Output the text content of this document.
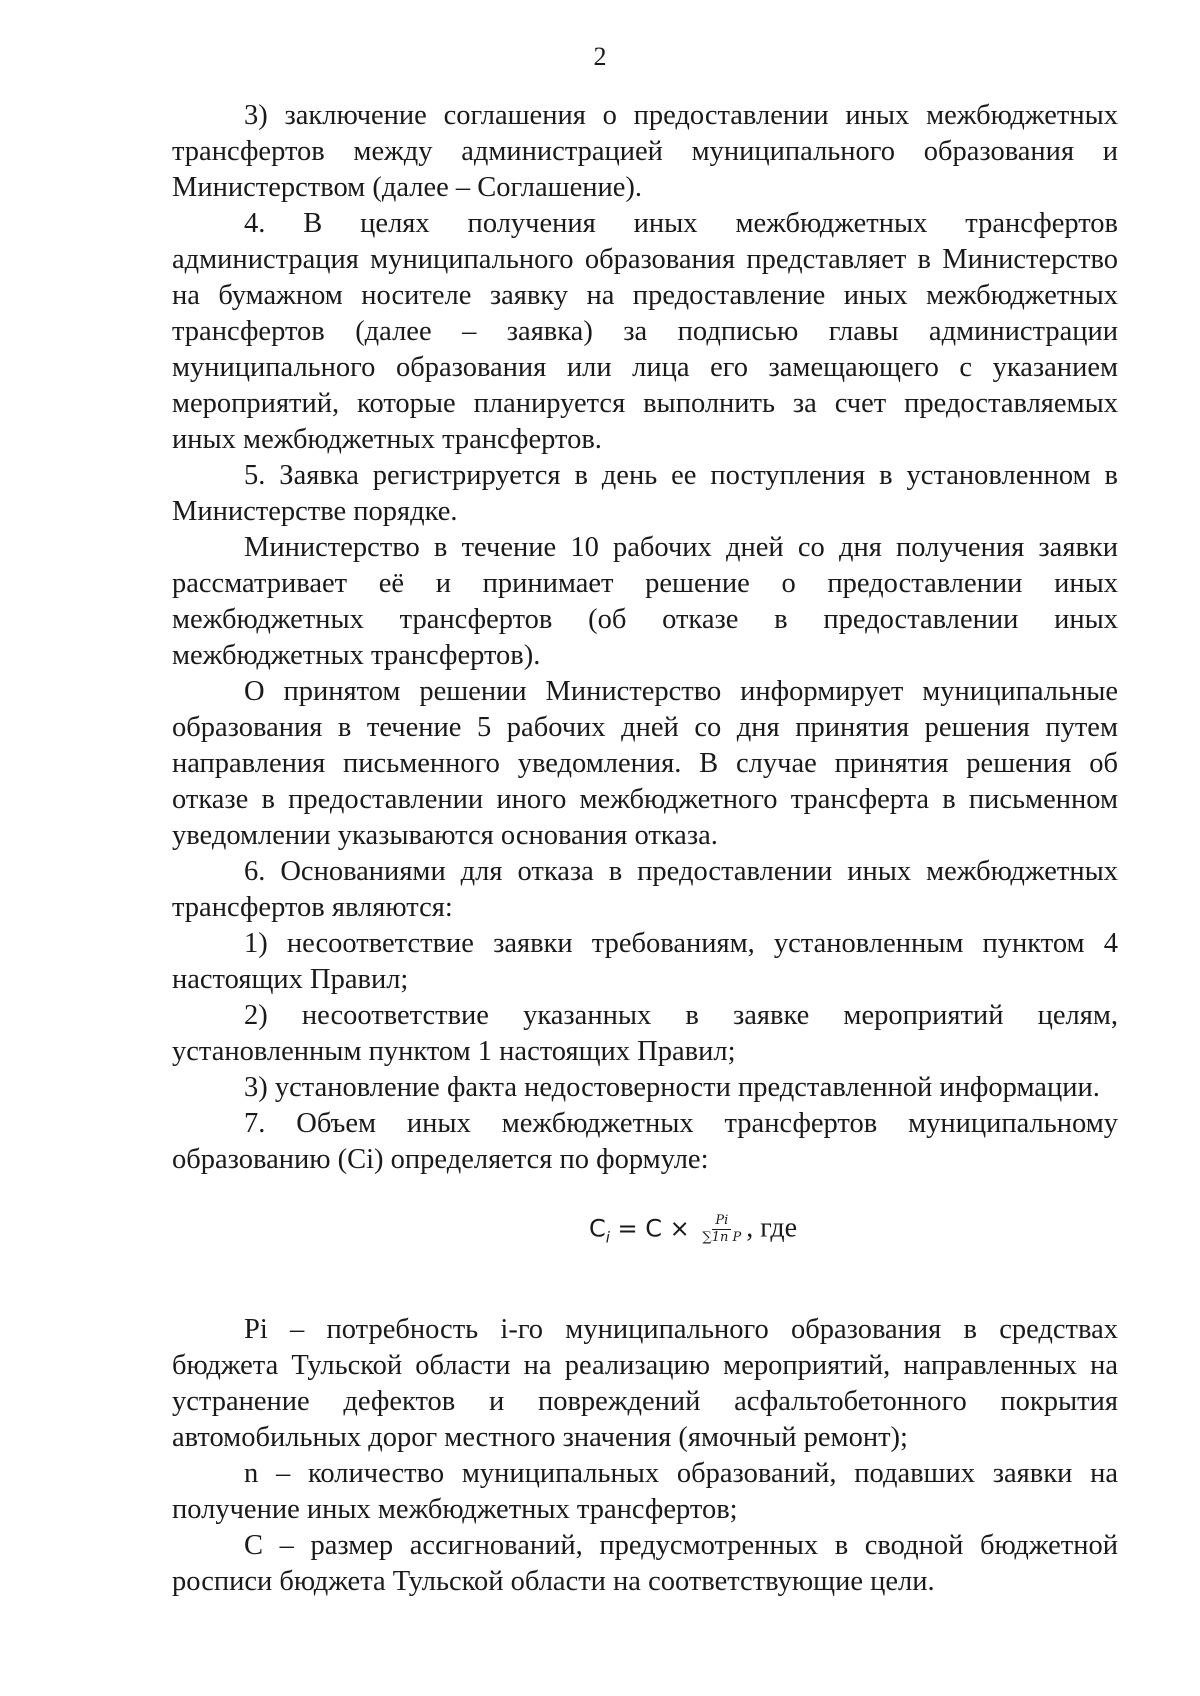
2

3) заключение соглашения о предоставлении иных межбюджетных трансфертов между администрацией муниципального образования и Министерством (далее – Соглашение).

4. В целях получения иных межбюджетных трансфертов администрация муниципального образования представляет в Министерство на бумажном носителе заявку на предоставление иных межбюджетных трансфертов (далее – заявка) за подписью главы администрации муниципального образования или лица его замещающего с указанием мероприятий, которые планируется выполнить за счет предоставляемых иных межбюджетных трансфертов.

5. Заявка регистрируется в день ее поступления в установленном в Министерстве порядке.

Министерство в течение 10 рабочих дней со дня получения заявки рассматривает её и принимает решение о предоставлении иных межбюджетных трансфертов (об отказе в предоставлении иных межбюджетных трансфертов).

О принятом решении Министерство информирует муниципальные образования в течение 5 рабочих дней со дня принятия решения путем направления письменного уведомления. В случае принятия решения об отказе в предоставлении иного межбюджетного трансферта в письменном уведомлении указываются основания отказа.

6. Основаниями для отказа в предоставлении иных межбюджетных трансфертов являются:

1) несоответствие заявки требованиям, установленным пунктом 4 настоящих Правил;

2) несоответствие указанных в заявке мероприятий целям, установленным пунктом 1 настоящих Правил;

3) установление факта недостоверности представленной информации.

7. Объем иных межбюджетных трансфертов муниципальному образованию (Ci) определяется по формуле:

$C_i = C \times \frac{Pi}{\text{∑1n P}}$ , где

Pi – потребность i-го муниципального образования в средствах бюджета Тульской области на реализацию мероприятий, направленных на устранение дефектов и повреждений асфальтобетонного покрытия автомобильных дорог местного значения (ямочный ремонт);

n – количество муниципальных образований, подавших заявки на получение иных межбюджетных трансфертов;

С – размер ассигнований, предусмотренных в сводной бюджетной росписи бюджета Тульской области на соответствующие цели.
